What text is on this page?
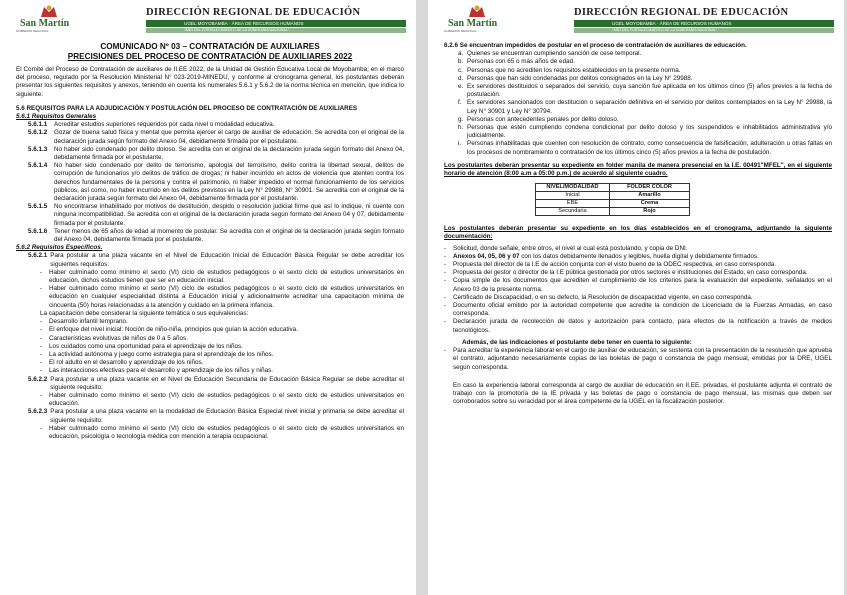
San Martín
GOBIERNO REGIONAL
DIRECCIÓN REGIONAL DE EDUCACIÓN
UGEL MOYOBAMBA · ÁREA DE RECURSOS HUMANOS
“AÑO DEL FORTALECIMIENTO DE LA SOBERANÍA NACIONAL”
COMUNICADO Nº 03 – CONTRATACIÓN DE AUXILIARES
PRECISIONES DEL PROCESO DE CONTRATACIÓN DE AUXILIARES 2022

El Comité del Proceso de Contratación de auxiliares de II.EE 2022, de la Unidad de Gestión Educativa Local de Moyobamba; en el marco del proceso, regulado por la Resolución Ministerial N° 023-2019-MINEDU, y conforme al cronograma general, los postulantes deberán presentar los siguientes requisitos y anexos, teniendo en cuenta los numerales 5.6.1 y 5.6.2 de la norma técnica en mención, que indica lo siguiente:

5.6 REQUISITOS PARA LA ADJUDICACIÓN Y POSTULACIÓN DEL PROCESO DE CONTRATACIÓN DE AUXILIARES

5.6.1 Requisitos Generales

5.6.1.1	Acreditar estudios superiores requeridos por cada nivel o modalidad educativa.
5.6.1.2	Gozar de buena salud física y mental que permita ejercer el cargo de auxiliar de educación. Se acredita con el original de la declaración jurada según formato del Anexo 04, debidamente firmada por el postulante.
5.6.1.3	No haber sido condenado por delito doloso. Se acredita con el original de la declaración jurada según formato del Anexo 04, debidamente firmada por el postulante.
5.6.1.4	No haber sido condenado por delito de terrorismo, apología del terrorismo, delito contra la libertad sexual, delitos de corrupción de funcionarios y/o delitos de tráfico de drogas; ni haber incurrido en actos de violencia que atenten contra los derechos fundamentales de la persona y contra el patrimonio, ni haber impedido el normal funcionamiento de los servicios públicos, así como, no haber incurrido en los delitos previstos en la Ley N° 29988, N° 30901. Se acredita con el original de la declaración jurada según formato del Anexo 04, debidamente firmada por el postulante.
5.6.1.5	No encontrarse inhabilitado por motivos de destitución, despido o resolución judicial firme que así lo indique, ni cuente con ninguna incompatibilidad. Se acredita con el original de la declaración jurada según formato del Anexo 04 y 07, debidamente firmada por el postulante.
5.6.1.6	Tener menos de 65 años de edad al momento de postular. Se acredita con el original de la declaración jurada según formato del Anexo 04, debidamente firmada por el postulante.

5.6.2 Requisitos Específicos.

5.6.2.1 Para postular a una plaza vacante en el Nivel de Educación Inicial de Educación Básica Regular se debe acreditar los siguientes requisitos:
- Haber culminado como mínimo el sexto (VI) ciclo de estudios pedagógicos o el sexto ciclo de estudios universitarios en educación, dichos estudios tienen que ser en educación inicial.
- Haber culminado como mínimo el sexto (VI) ciclo de estudios pedagógicos o el sexto ciclo de estudios universitarios en educación en cualquier especialidad distinta a Educación inicial y adicionalmente acreditar una capacitación mínima de cincuenta (50) horas relacionadas a la atención y cuidado en la primera infancia.

La capacitación debe considerar la siguiente temática o sus equivalencias:

- Desarrollo infantil temprano.
- El enfoque del nivel inicial: Noción de niño-niña, principios que guían la acción educativa.
- Características evolutivas de niños de 0 a 5 años.
- Los cuidados como una oportunidad para el aprendizaje de los niños.
- La actividad autónoma y juego como estrategia para el aprendizaje de los niños.
- El rol adulto en el desarrollo y aprendizaje de los niños.
- Las interacciones efectivas para el desarrollo y aprendizaje de los niños y niñas.
5.6.2.2 Para postular a una plaza vacante en el Nivel de Educación Secundaria de Educación Básica Regular se debe acreditar el siguiente requisito:
- Haber culminado como mínimo el sexto (VI) ciclo de estudios pedagógicos o el sexto ciclo de estudios universitarios en educación.
5.6.2.3 Para postular a una plaza vacante en la modalidad de Educación Básica Especial nivel inicial y primaria se debe acreditar el siguiente requisito:
- Haber culminado como mínimo el sexto (VI) ciclo de estudios pedagógicos o el sexto ciclo de estudios universitarios en educación, psicología o tecnología médica con mención a terapia ocupacional.
San Martín
GOBIERNO REGIONAL
DIRECCIÓN REGIONAL DE EDUCACIÓN
UGEL MOYOBAMBA · ÁREA DE RECURSOS HUMANOS
“AÑO DEL FORTALECIMIENTO DE LA SOBERANÍA NACIONAL”

6.2.6 Se encuentran impedidos de postular en el proceso de contratación de auxiliares de educación.

a. Quienes se encuentran cumpliendo sanción de cese temporal.
b. Personas con 65 o más años de edad.
c. Personas que no acrediten los requisitos establecidos en la presente norma.
d. Personas que han sido condenadas por delitos consignados en la Ley N° 29988.
e. Ex servidores destituidos o separados del servicio, cuya sanción fue aplicada en los últimos cinco (5) años previos a la fecha de postulación.
f. Ex servidores sancionados con destitución o separación definitiva en el servicio por delitos contemplados en la Ley N° 29988, la Ley N° 30901 y Ley N° 30794.
g. Personas con antecedentes penales por delito doloso.
h. Personas que estén cumpliendo condena condicional por delito doloso y los suspendidos e inhabilitados administrativa y/o judicialmente.
i. Personas inhabilitadas que cuenten con resolución de contrato, como consecuencia de falsificación, adulteración u otras faltas en los procesos de nombramiento o contratación de los últimos cinco (5) años previos a la fecha de postulación.

Los postulantes deberán presentar su expediente en folder manila de manera presencial en la I.E. 00491"MFEL", en el siguiente horario de atención (8:00 a.m a 05:00 p.m.) de acuerdo al siguiente cuadro.

NIVEL/MODALIDAD	FOLDER COLOR
Inicial	Amarillo
EBE	Crema
Secundaria	Rojo

Los postulantes deberán presentar su expediente en los días establecidos en el cronograma, adjuntando la siguiente documentación:

- Solicitud, donde señale, entre otros, el nivel al cual está postulando, y copia de DNI.
- Anexos 04, 05, 06 y 07 con los datos debidamente llenados y legibles, huella digital y debidamente firmados.
- Propuesta del director de la I.E de acción conjunta con el visto bueno de la ODEC respectiva, en caso corresponda.
- Propuesta del gestor o director de la I.E pública gestionada por otros sectores e instituciones del Estado, en caso corresponda.
- Copia simple de los documentos que acrediten el cumplimiento de los criterios para la evaluación del expediente, señalados en el Anexo 03 de la presente norma.
- Certificado de Discapacidad, o en su defecto, la Resolución de discapacidad vigente, en caso corresponda.
- Documento oficial emitido por la autoridad competente que acredite la condición de Licenciado de la Fuerzas Armadas, en caso corresponda.
- Declaración jurada de recolección de datos y autorización para contacto, para efectos de la notificación a través de medios tecnológicos.

Además, de las indicaciones el postulante debe tener en cuenta lo siguiente:

- Para acreditar la experiencia laboral en el cargo de auxiliar de educación, se sustenta con la presentación de la resolución que aprueba el contrato, adjuntando necesariamente copias de las boletas de pago o constancia de pago mensual, emitidas por la DRE, UGEL según corresponda.

En caso la experiencia laboral corresponda al cargo de auxiliar de educación en II.EE. privadas, el postulante adjunta el contrato de trabajo con la promotoría de la IE privada y las boletas de pago o constancia de pago mensual, las mismas que deben ser corroborados sobre su veracidad por el área competente de la UGEL en la fiscalización posterior.
